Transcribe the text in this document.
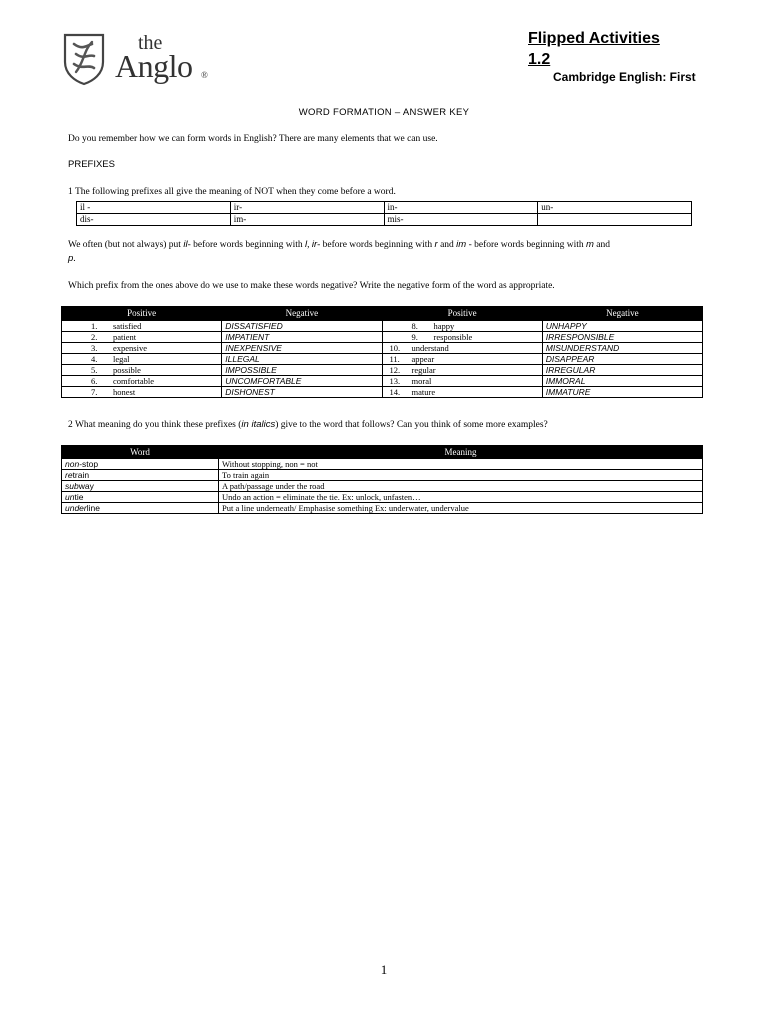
the
Anglo ®
Flipped Activities
1.2
Cambridge English: First
WORD FORMATION – ANSWER KEY
Do you remember how we can form words in English? There are many elements that we can use.
PREFIXES
1 The following prefixes all give the meaning of NOT when they come before a word.
il -	ir-	in-	un-
dis-	im-	mis-	
We often (but not always) put il- before words beginning with l, ir- before words beginning with r and im - before words beginning with m and
p.
Which prefix from the ones above do we use to make these words negative? Write the negative form of the word as appropriate.
Positive	Negative	Positive	Negative
1. satisfied	DISSATISFIED	8. happy	UNHAPPY
2. patient	IMPATIENT	9. responsible	IRRESPONSIBLE
3. expensive	INEXPENSIVE	10. understand	MISUNDERSTAND
4. legal	ILLEGAL	11. appear	DISAPPEAR
5. possible	IMPOSSIBLE	12. regular	IRREGULAR
6. comfortable	UNCOMFORTABLE	13. moral	IMMORAL
7. honest	DISHONEST	14. mature	IMMATURE
2 What meaning do you think these prefixes (in italics) give to the word that follows? Can you think of some more examples?
Word	Meaning
non-stop	Without stopping, non = not
retrain	To train again
subway	A path/passage under the road
untie	Undo an action = eliminate the tie. Ex: unlock, unfasten…
underline	Put a line underneath/ Emphasise something Ex: underwater, undervalue
1
